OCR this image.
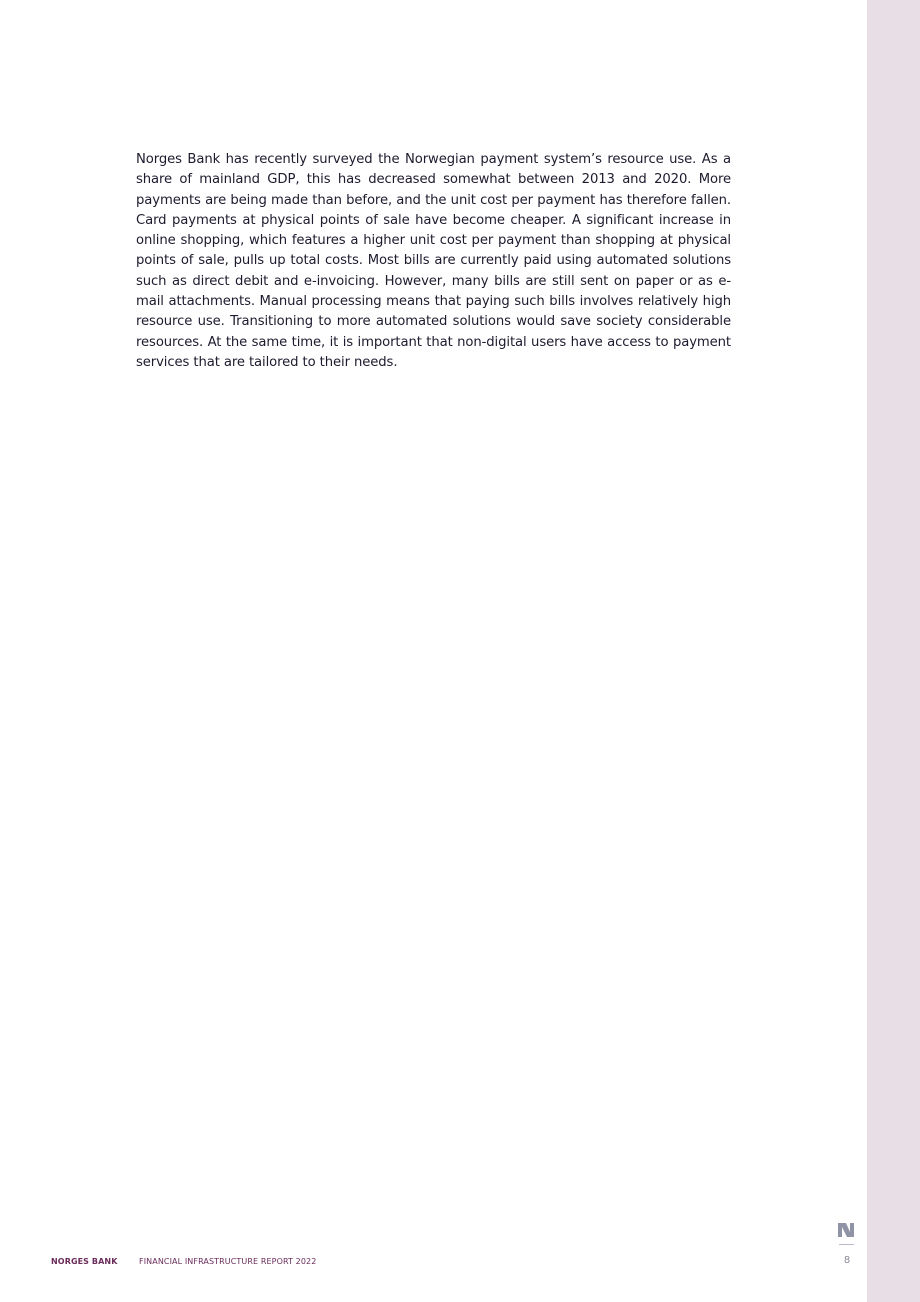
Norges Bank has recently surveyed the Norwegian payment system’s resource use. As a share of mainland GDP, this has decreased somewhat between 2013 and 2020. More payments are being made than before, and the unit cost per payment has therefore fallen. Card payments at physical points of sale have become cheaper. A significant increase in online shopping, which features a higher unit cost per payment than shopping at physical points of sale, pulls up total costs. Most bills are currently paid using automated solutions such as direct debit and e-invoicing. However, many bills are still sent on paper or as e-mail attachments. Manual processing means that paying such bills involves relatively high resource use. Transitioning to more automated solutions would save society considerable resources. At the same time, it is important that non-digital users have access to payment services that are tailored to their needs.

NORGES BANK	FINANCIAL INFRASTRUCTURE REPORT 2022	8
